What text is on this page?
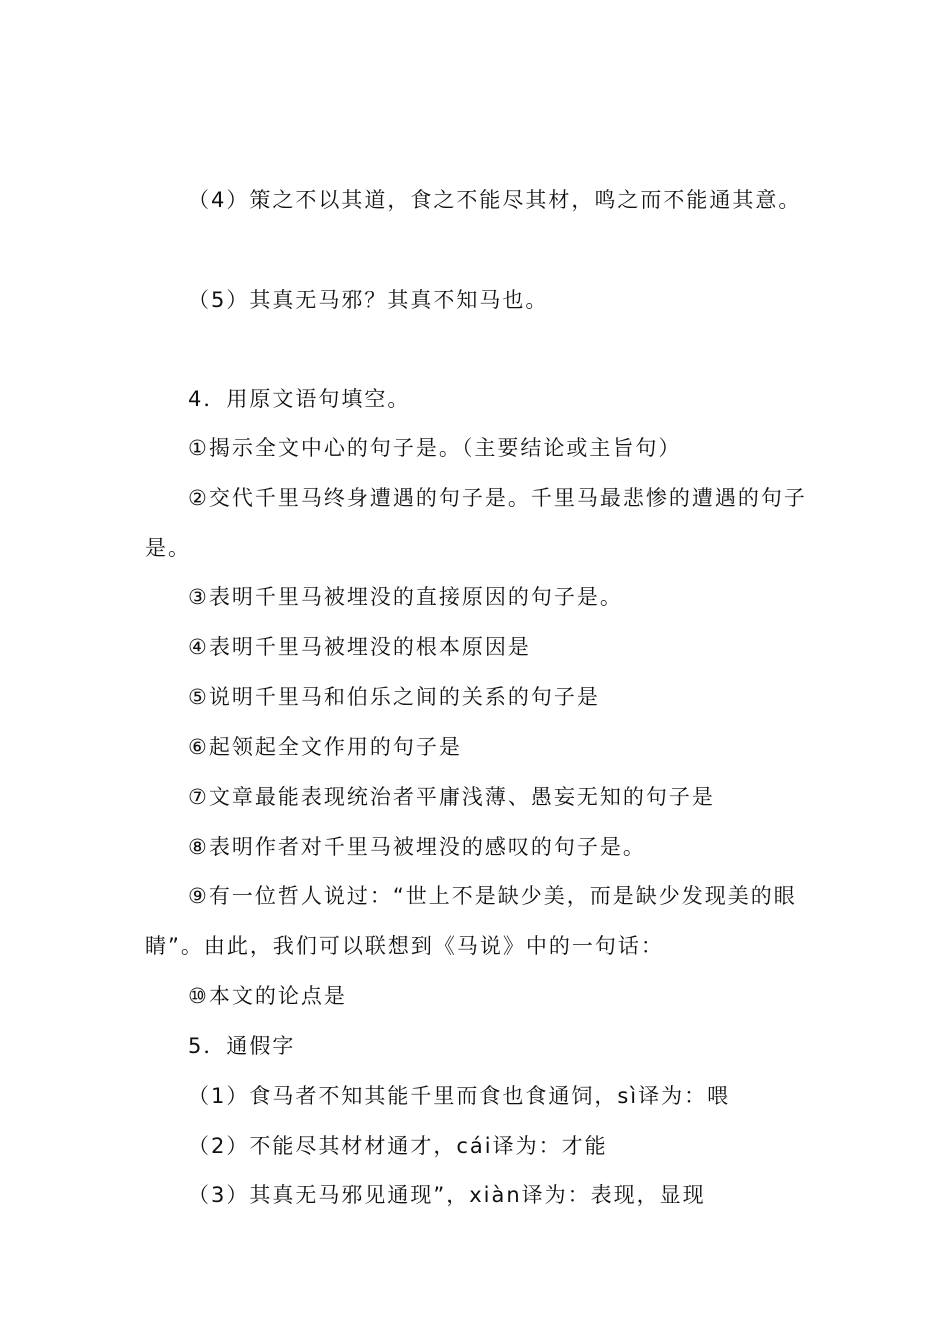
（4）策之不以其道，食之不能尽其材，鸣之而不能通其意。
（5）其真无马邪？其真不知马也。
4．用原文语句填空。
①揭示全文中心的句子是。（主要结论或主旨句）
②交代千里马终身遭遇的句子是。千里马最悲惨的遭遇的句子
是。
③表明千里马被埋没的直接原因的句子是。
④表明千里马被埋没的根本原因是
⑤说明千里马和伯乐之间的关系的句子是
⑥起领起全文作用的句子是
⑦文章最能表现统治者平庸浅薄、愚妄无知的句子是
⑧表明作者对千里马被埋没的感叹的句子是。
⑨有一位哲人说过：“世上不是缺少美，而是缺少发现美的眼
睛”。由此，我们可以联想到《马说》中的一句话：
⑩本文的论点是
5．通假字
（1）食马者不知其能千里而食也食通饲，sì译为：喂
（2）不能尽其材材通才，cái译为：才能
（3）其真无马邪见通现”，xiàn译为：表现，显现
